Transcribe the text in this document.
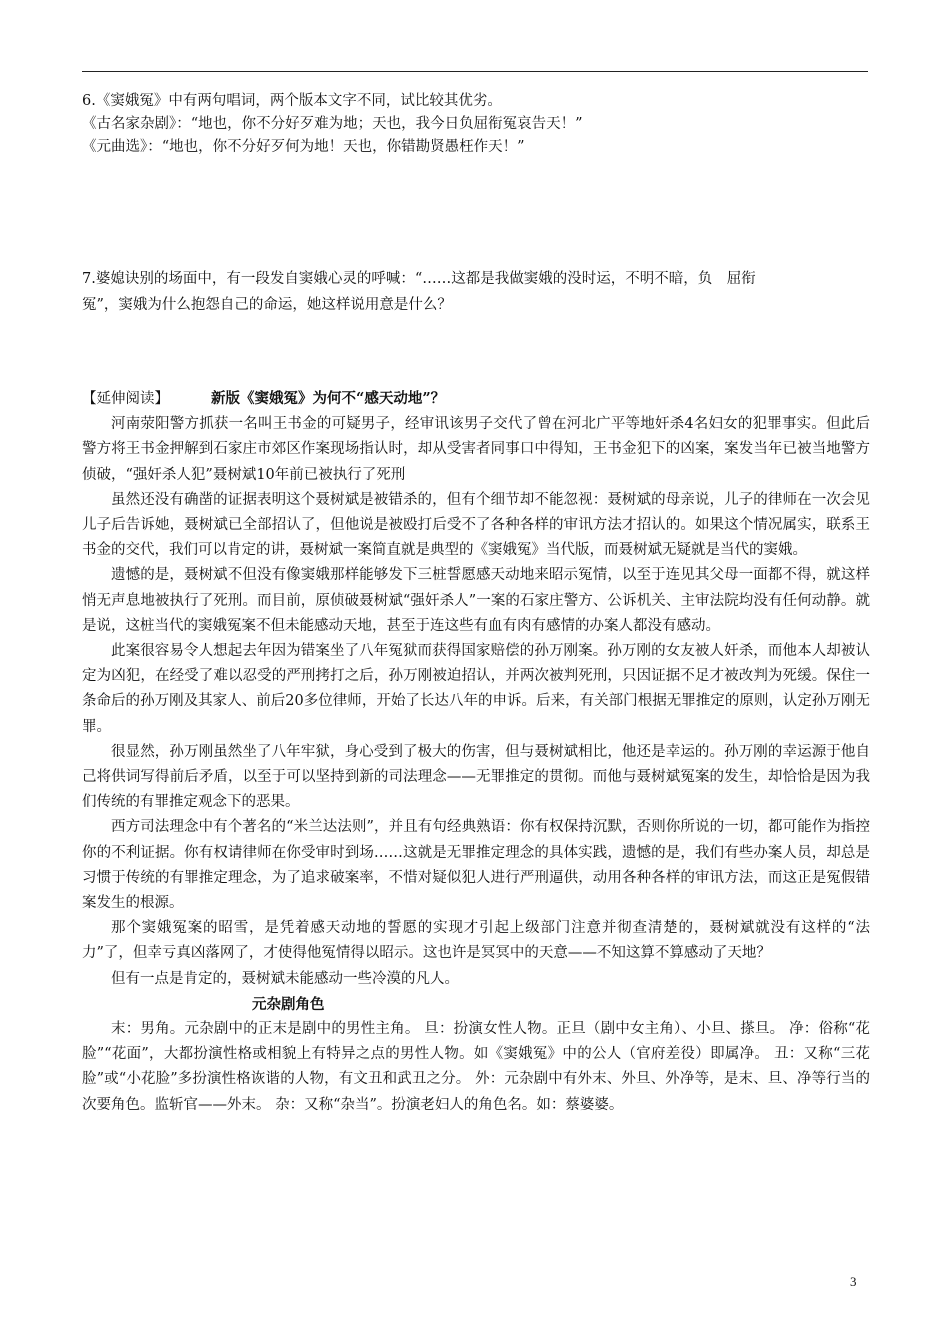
6.《窦娥冤》中有两句唱词，两个版本文字不同，试比较其优劣。

《古名家杂剧》：“地也，你不分好歹难为地；天也，我今日负屈衔冤哀告天！”

《元曲选》：“地也，你不分好歹何为地！天也，你错勘贤愚枉作天！”

7.婆媳诀别的场面中，有一段发自窦娥心灵的呼喊：“……这都是我做窦娥的没时运，不明不暗，负　屈衔

冤”，窦娥为什么抱怨自己的命运，她这样说用意是什么？

【延伸阅读】	新版《窦娥冤》为何不“感天动地”？

河南荥阳警方抓获一名叫王书金的可疑男子，经审讯该男子交代了曾在河北广平等地奸杀4名妇女的犯罪事实。但此后警方将王书金押解到石家庄市郊区作案现场指认时，却从受害者同事口中得知，王书金犯下的凶案，案发当年已被当地警方侦破，“强奸杀人犯”聂树斌10年前已被执行了死刑

虽然还没有确凿的证据表明这个聂树斌是被错杀的，但有个细节却不能忽视：聂树斌的母亲说，儿子的律师在一次会见儿子后告诉她，聂树斌已全部招认了，但他说是被殴打后受不了各种各样的审讯方法才招认的。如果这个情况属实，联系王书金的交代，我们可以肯定的讲，聂树斌一案简直就是典型的《窦娥冤》当代版，而聂树斌无疑就是当代的窦娥。

遗憾的是，聂树斌不但没有像窦娥那样能够发下三桩誓愿感天动地来昭示冤情，以至于连见其父母一面都不得，就这样悄无声息地被执行了死刑。而目前，原侦破聂树斌“强奸杀人”一案的石家庄警方、公诉机关、主审法院均没有任何动静。就是说，这桩当代的窦娥冤案不但未能感动天地，甚至于连这些有血有肉有感情的办案人都没有感动。

此案很容易令人想起去年因为错案坐了八年冤狱而获得国家赔偿的孙万刚案。孙万刚的女友被人奸杀，而他本人却被认定为凶犯，在经受了难以忍受的严刑拷打之后，孙万刚被迫招认，并两次被判死刑，只因证据不足才被改判为死缓。保住一条命后的孙万刚及其家人、前后20多位律师，开始了长达八年的申诉。后来，有关部门根据无罪推定的原则，认定孙万刚无罪。

很显然，孙万刚虽然坐了八年牢狱，身心受到了极大的伤害，但与聂树斌相比，他还是幸运的。孙万刚的幸运源于他自己将供词写得前后矛盾，以至于可以坚持到新的司法理念——无罪推定的贯彻。而他与聂树斌冤案的发生，却恰恰是因为我们传统的有罪推定观念下的恶果。

西方司法理念中有个著名的“米兰达法则”，并且有句经典熟语：你有权保持沉默，否则你所说的一切，都可能作为指控你的不利证据。你有权请律师在你受审时到场……这就是无罪推定理念的具体实践，遗憾的是，我们有些办案人员，却总是习惯于传统的有罪推定理念，为了追求破案率，不惜对疑似犯人进行严刑逼供，动用各种各样的审讯方法，而这正是冤假错案发生的根源。

那个窦娥冤案的昭雪，是凭着感天动地的誓愿的实现才引起上级部门注意并彻查清楚的，聂树斌就没有这样的“法力”了，但幸亏真凶落网了，才使得他冤情得以昭示。这也许是冥冥中的天意——不知这算不算感动了天地？

但有一点是肯定的，聂树斌未能感动一些冷漠的凡人。

元杂剧角色

末：男角。元杂剧中的正末是剧中的男性主角。 旦：扮演女性人物。正旦（剧中女主角）、小旦、搽旦。 净：俗称“花脸”“花面”，大都扮演性格或相貌上有特异之点的男性人物。如《窦娥冤》中的公人（官府差役）即属净。 丑：又称“三花脸”或“小花脸”多扮演性格诙谐的人物，有文丑和武丑之分。 外：元杂剧中有外末、外旦、外净等，是末、旦、净等行当的次要角色。监斩官——外末。 杂：又称“杂当”。扮演老妇人的角色名。如：蔡婆婆。

3
